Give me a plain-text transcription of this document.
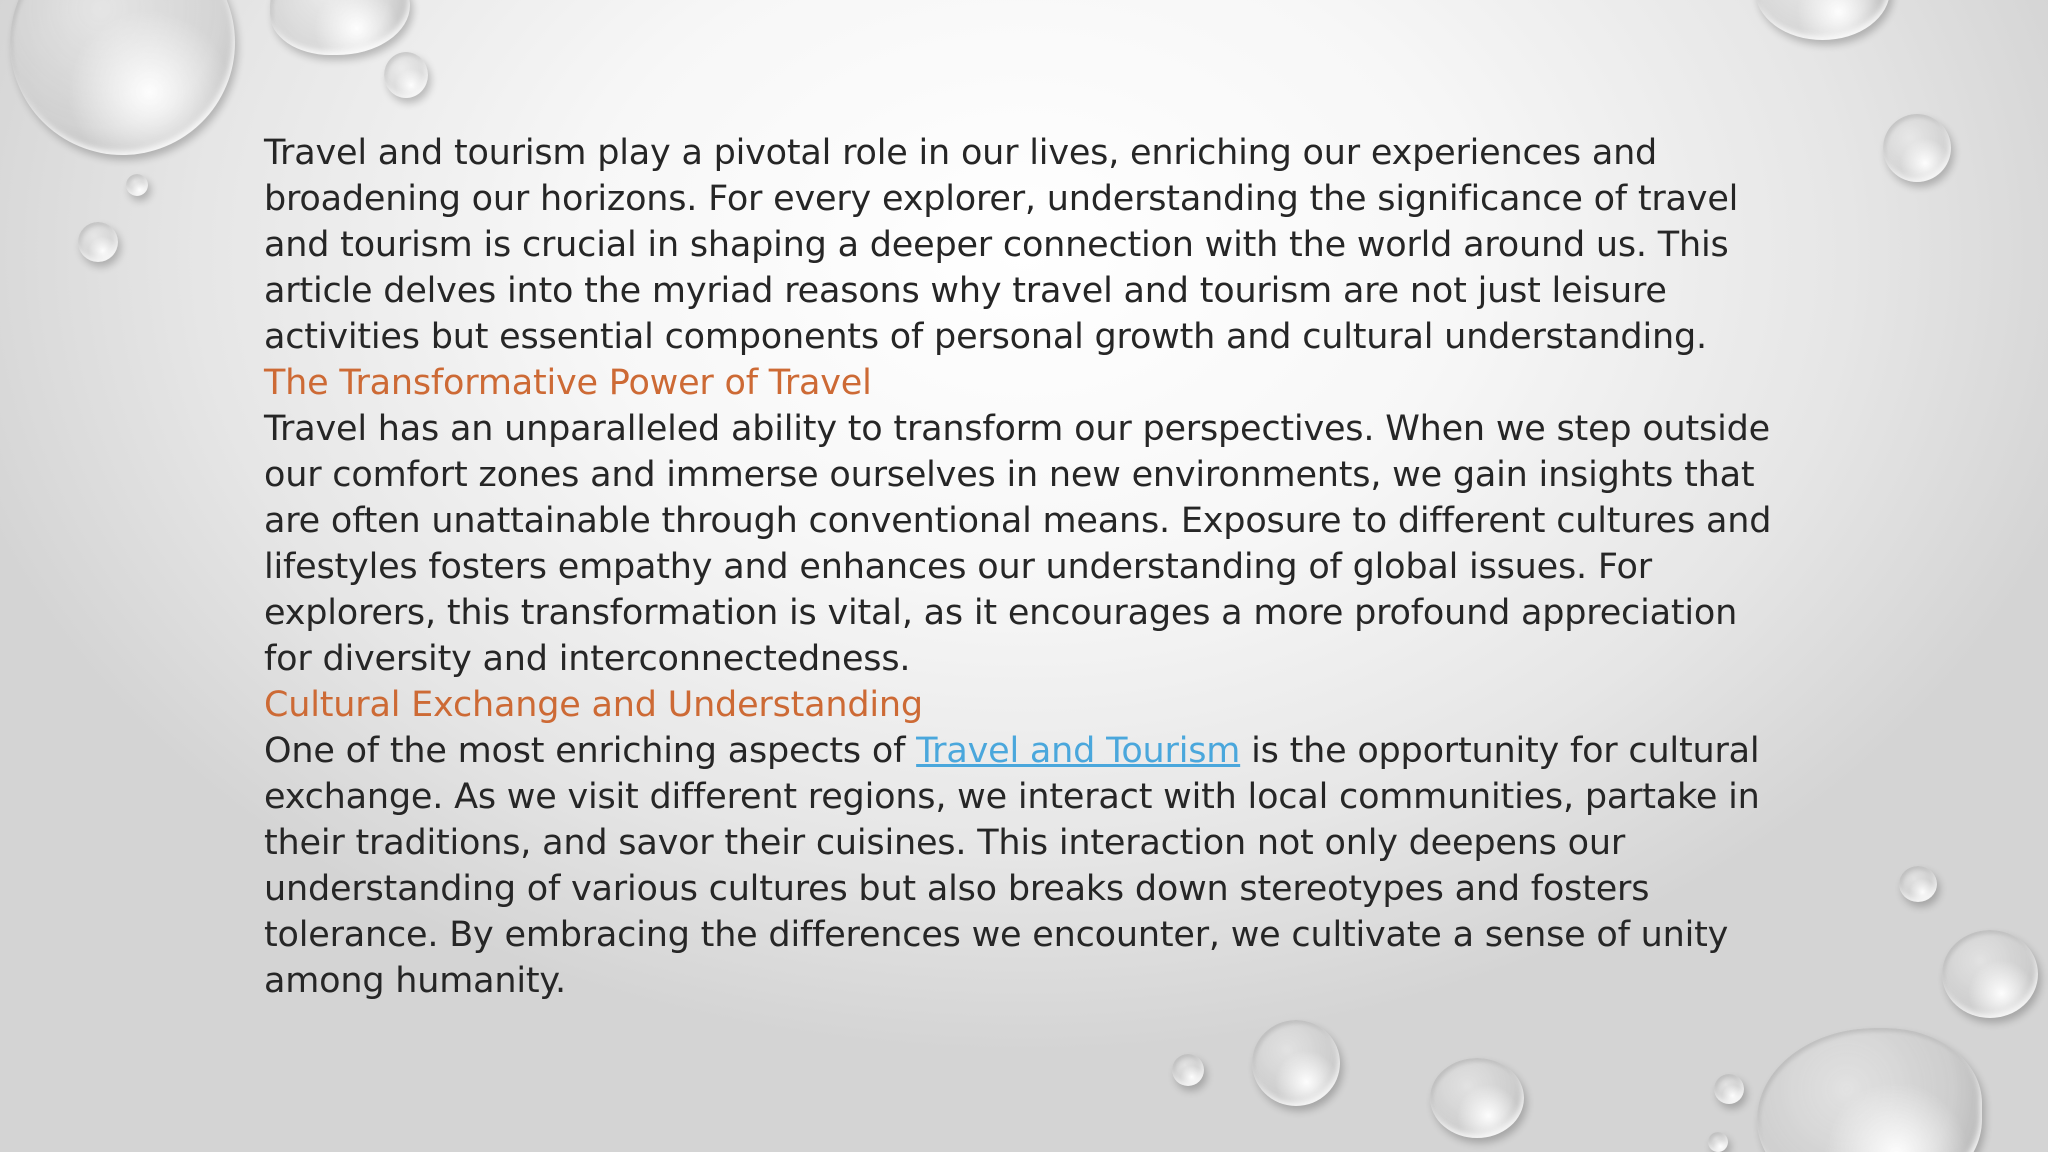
Travel and tourism play a pivotal role in our lives, enriching our experiences and broadening our horizons. For every explorer, understanding the significance of travel and tourism is crucial in shaping a deeper connection with the world around us. This article delves into the myriad reasons why travel and tourism are not just leisure activities but essential components of personal growth and cultural understanding.
The Transformative Power of Travel
Travel has an unparalleled ability to transform our perspectives. When we step outside our comfort zones and immerse ourselves in new environments, we gain insights that are often unattainable through conventional means. Exposure to different cultures and lifestyles fosters empathy and enhances our understanding of global issues. For explorers, this transformation is vital, as it encourages a more profound appreciation for diversity and interconnectedness.
Cultural Exchange and Understanding
One of the most enriching aspects of Travel and Tourism is the opportunity for cultural exchange. As we visit different regions, we interact with local communities, partake in their traditions, and savor their cuisines. This interaction not only deepens our understanding of various cultures but also breaks down stereotypes and fosters tolerance. By embracing the differences we encounter, we cultivate a sense of unity among humanity.
